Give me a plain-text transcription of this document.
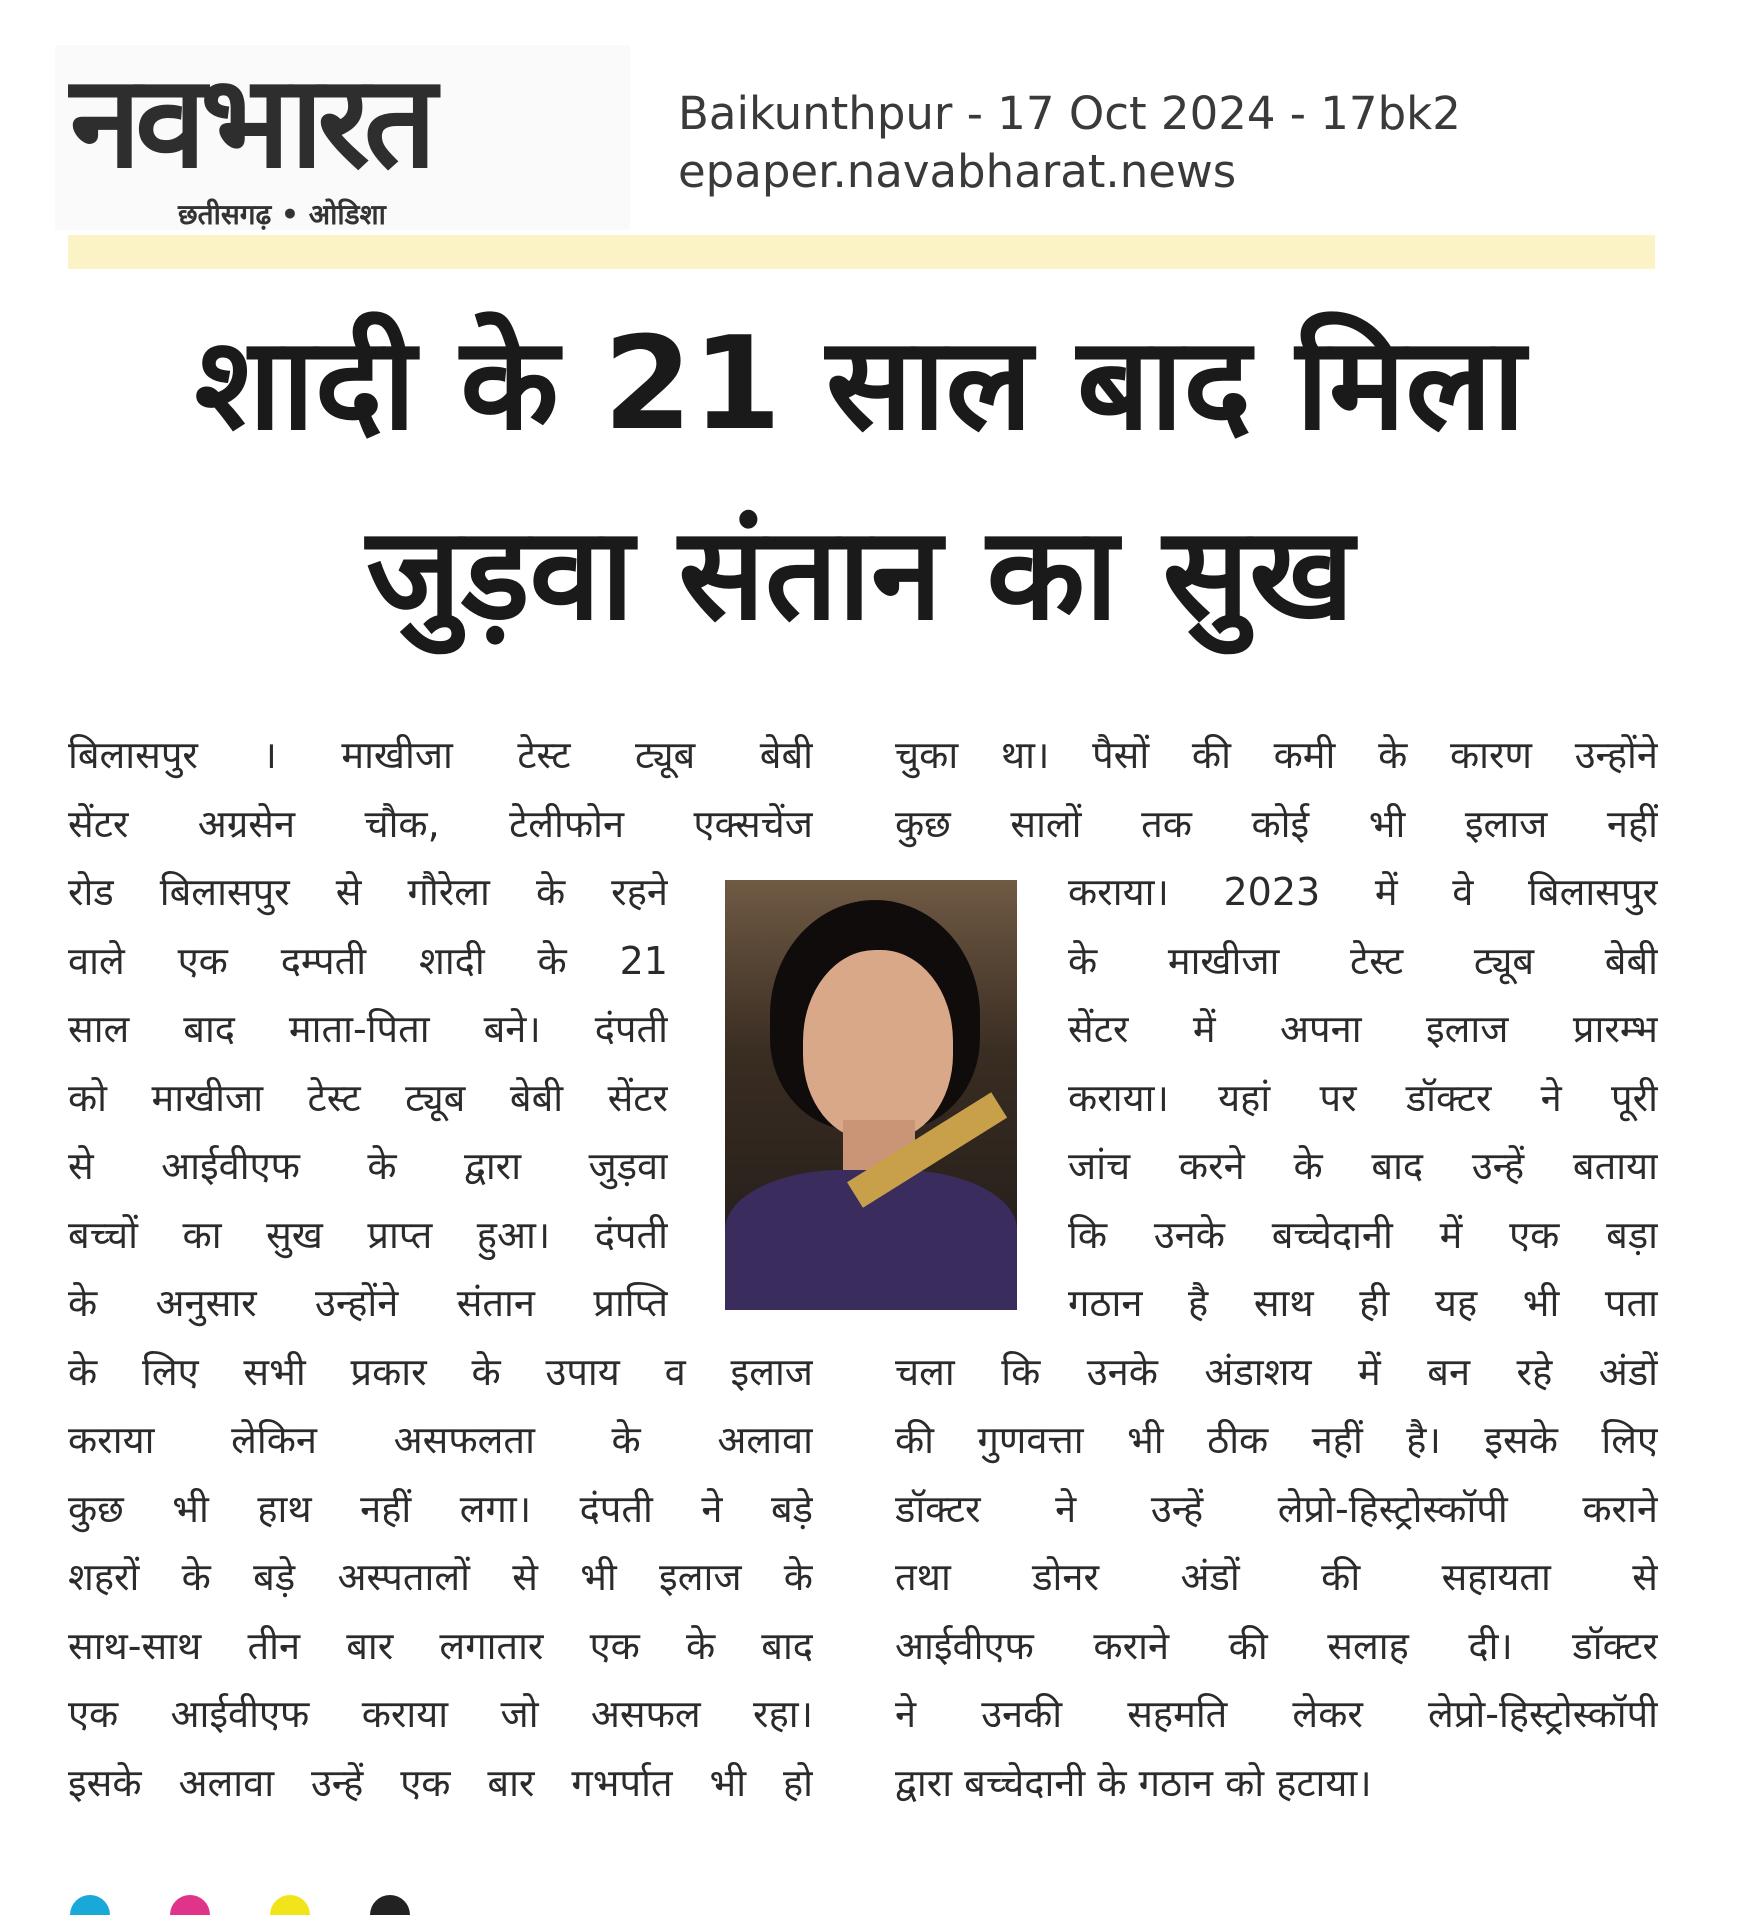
नवभारत
छतीसगढ़ • ओडिशा
Baikunthpur - 17 Oct 2024 - 17bk2
epaper.navabharat.news
शादी के 21 साल बाद मिला
जुड़वा संतान का सुख
बिलासपुर । माखीजा टेस्ट ट्यूब बेबी
सेंटर अग्रसेन चौक, टेलीफोन एक्सचेंज
रोड बिलासपुर से गौरेला के रहने
वाले एक दम्पती शादी के 21
साल बाद माता-पिता बने। दंपती
को माखीजा टेस्ट ट्यूब बेबी सेंटर
से आईवीएफ के द्वारा जुड़वा
बच्चों का सुख प्राप्त हुआ। दंपती
के अनुसार उन्होंने संतान प्राप्ति
के लिए सभी प्रकार के उपाय व इलाज
कराया लेकिन असफलता के अलावा
कुछ भी हाथ नहीं लगा। दंपती ने बड़े
शहरों के बड़े अस्पतालों से भी इलाज के
साथ-साथ तीन बार लगातार एक के बाद
एक आईवीएफ कराया जो असफल रहा।
इसके अलावा उन्हें एक बार गभर्पात भी हो
चुका था। पैसों की कमी के कारण उन्होंने
कुछ सालों तक कोई भी इलाज नहीं
कराया। 2023 में वे बिलासपुर
के माखीजा टेस्ट ट्यूब बेबी
सेंटर में अपना इलाज प्रारम्भ
कराया। यहां पर डॉक्टर ने पूरी
जांच करने के बाद उन्हें बताया
कि उनके बच्चेदानी में एक बड़ा
गठान है साथ ही यह भी पता
चला कि उनके अंडाशय में बन रहे अंडों
की गुणवत्ता भी ठीक नहीं है। इसके लिए
डॉक्टर ने उन्हें लेप्रो-हिस्ट्रोस्कॉपी कराने
तथा डोनर अंडों की सहायता से
आईवीएफ कराने की सलाह दी। डॉक्टर
ने उनकी सहमति लेकर लेप्रो-हिस्ट्रोस्कॉपी
द्वारा बच्चेदानी के गठान को हटाया।
